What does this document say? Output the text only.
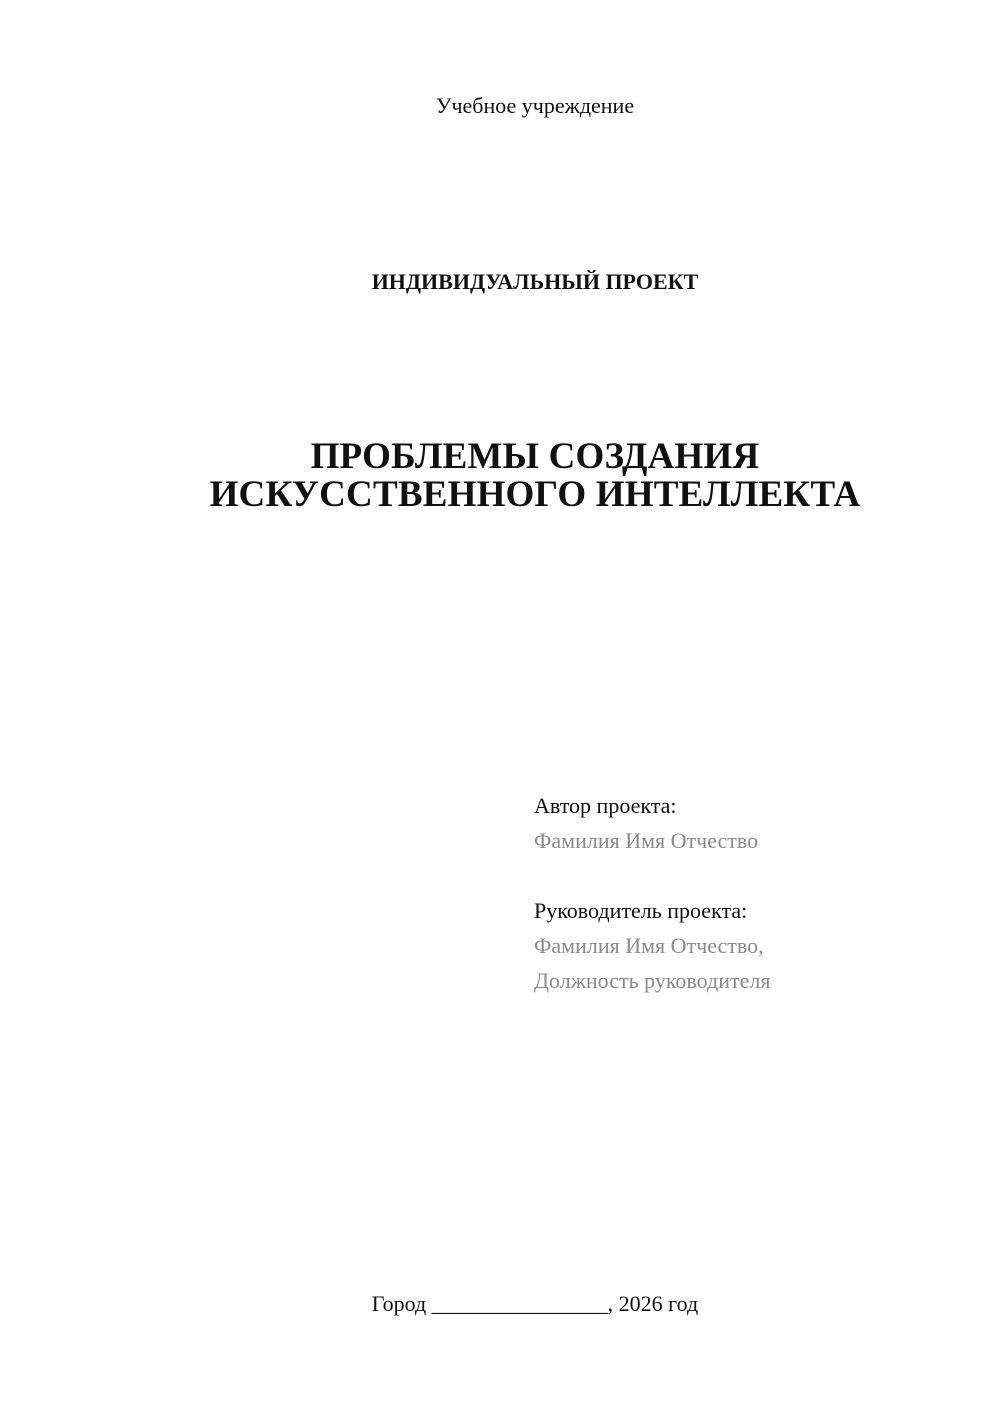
Учебное учреждение
ИНДИВИДУАЛЬНЫЙ ПРОЕКТ
ПРОБЛЕМЫ СОЗДАНИЯ
ИСКУССТВЕННОГО ИНТЕЛЛЕКТА
Автор проекта:
Фамилия Имя Отчество
Руководитель проекта:
Фамилия Имя Отчество,
Должность руководителя
Город ________________, 2026 год
